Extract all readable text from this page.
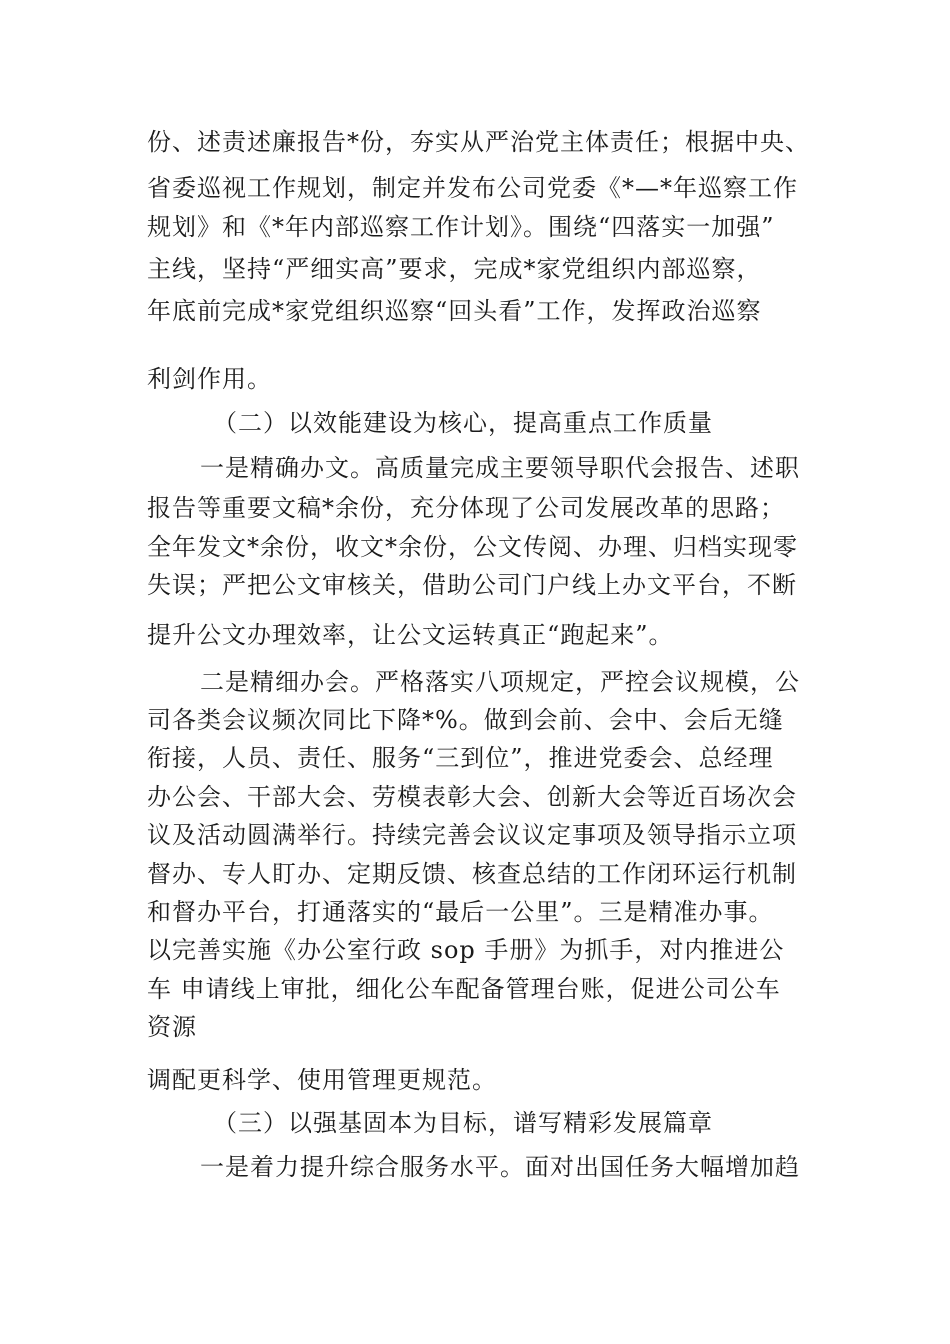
份、述责述廉报告*份，夯实从严治党主体责任；根据中央、
省委巡视工作规划，制定并发布公司党委《*—*年巡察工作
规划》和《*年内部巡察工作计划》。围绕“四落实一加强”
主线，坚持“严细实高”要求，完成*家党组织内部巡察，
年底前完成*家党组织巡察“回头看”工作，发挥政治巡察
利剑作用。
（二）以效能建设为核心，提高重点工作质量
一是精确办文。高质量完成主要领导职代会报告、述职
报告等重要文稿*余份，充分体现了公司发展改革的思路；
全年发文*余份，收文*余份，公文传阅、办理、归档实现零
失误；严把公文审核关，借助公司门户线上办文平台，不断
提升公文办理效率，让公文运转真正“跑起来”。
二是精细办会。严格落实八项规定，严控会议规模，公
司各类会议频次同比下降*%。做到会前、会中、会后无缝
衔接，人员、责任、服务“三到位”，推进党委会、总经理
办公会、干部大会、劳模表彰大会、创新大会等近百场次会
议及活动圆满举行。持续完善会议议定事项及领导指示立项
督办、专人盯办、定期反馈、核查总结的工作闭环运行机制
和督办平台，打通落实的“最后一公里”。三是精准办事。
以完善实施《办公室行政 sop 手册》为抓手，对内推进公
车 申请线上审批，细化公车配备管理台账，促进公司公车
资源
调配更科学、使用管理更规范。
（三）以强基固本为目标，谱写精彩发展篇章
一是着力提升综合服务水平。面对出国任务大幅增加趋
